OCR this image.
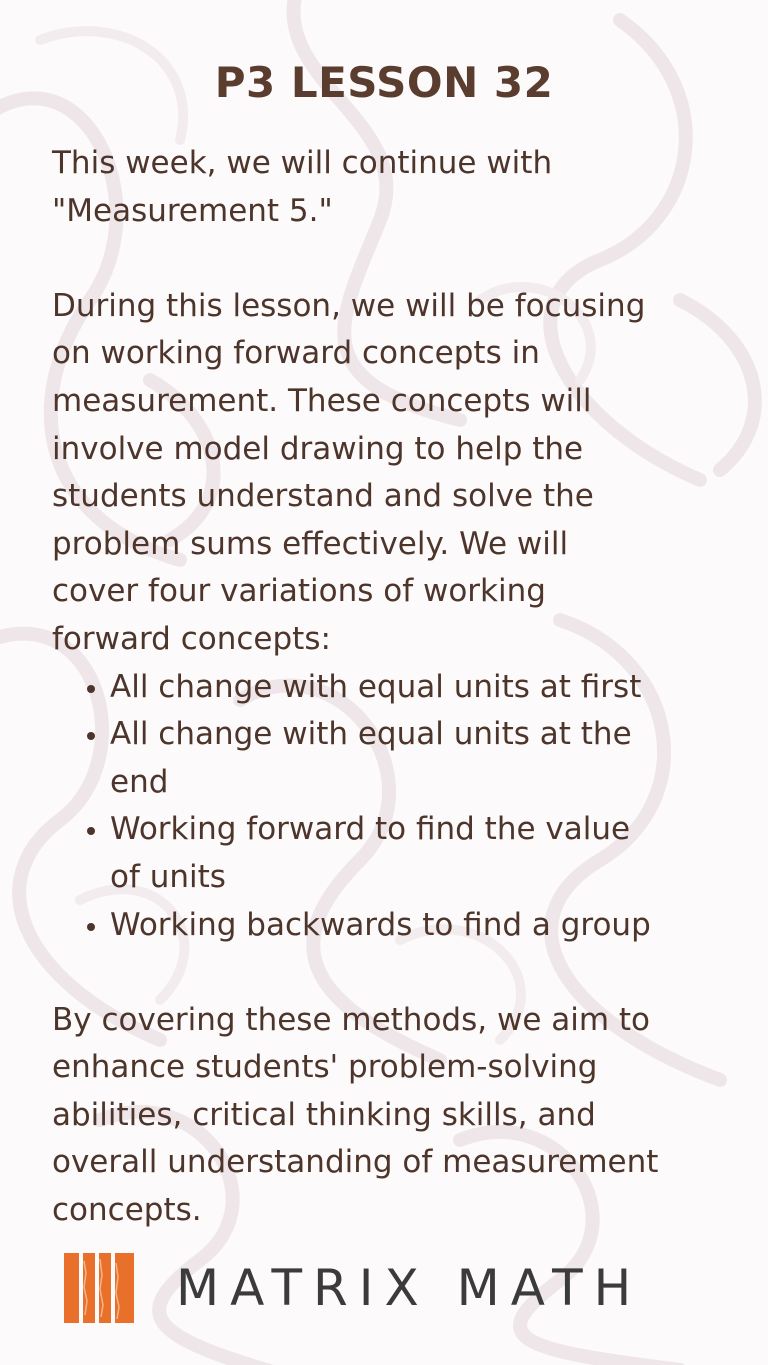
P3 LESSON 32

This week, we will continue with
"Measurement 5."

During this lesson, we will be focusing
on working forward concepts in
measurement. These concepts will
involve model drawing to help the
students understand and solve the
problem sums effectively. We will
cover four variations of working
forward concepts:

All change with equal units at first
All change with equal units at the
end
Working forward to find the value
of units
Working backwards to find a group

By covering these methods, we aim to
enhance students' problem-solving
abilities, critical thinking skills, and
overall understanding of measurement
concepts.

MATRIX MATH
